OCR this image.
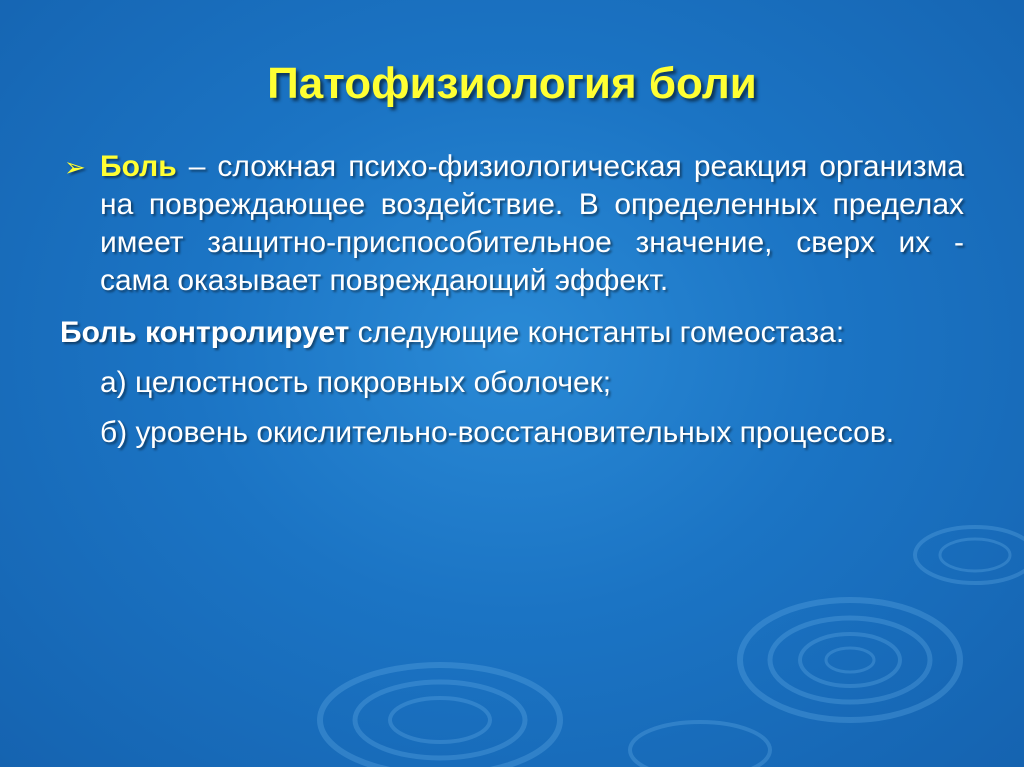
Патофизиология боли

➢ Боль – сложная психо-физиологическая реакция организма на повреждающее воздействие. В определенных пределах имеет защитно-приспособительное значение, сверх их - сама оказывает повреждающий эффект.

Боль контролирует следующие константы гомеостаза:

а) целостность покровных оболочек;

б) уровень окислительно-восстановительных процессов.
